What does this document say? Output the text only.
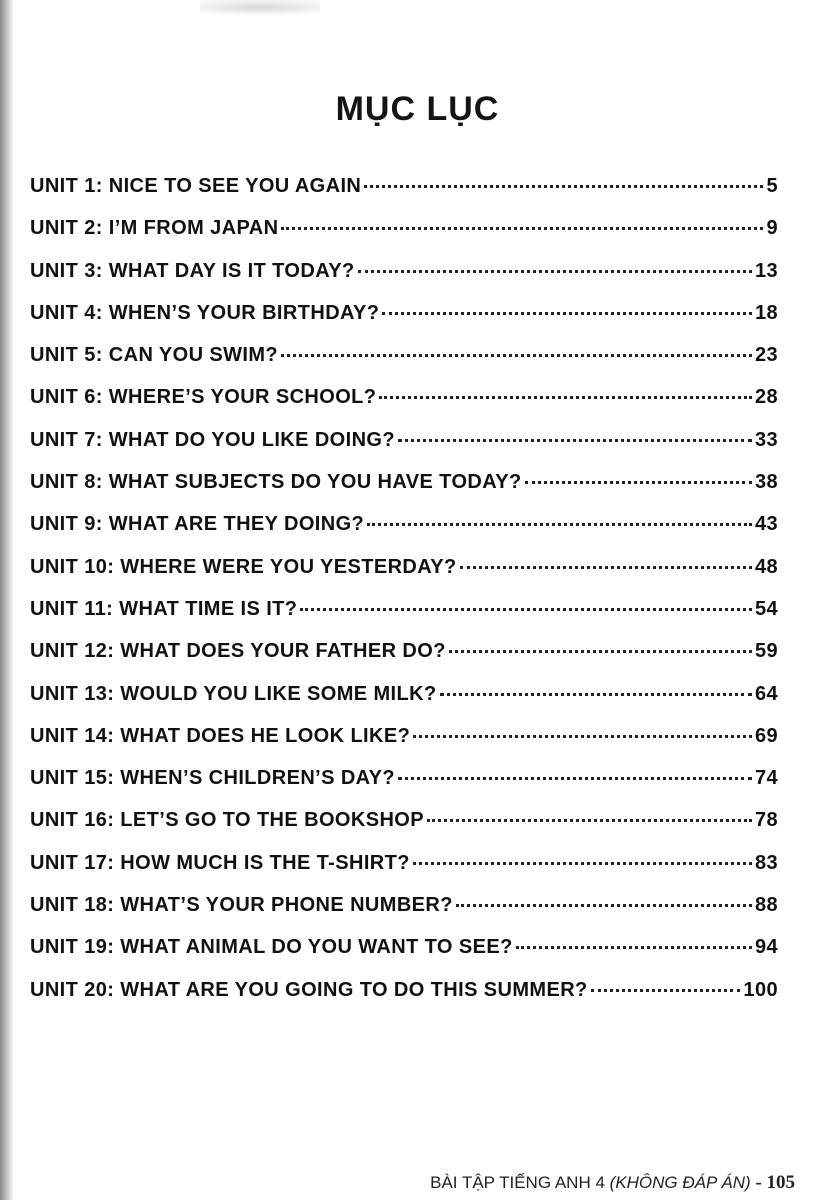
MỤC LỤC
UNIT 1: NICE TO SEE YOU AGAIN	5
UNIT 2: I’M FROM JAPAN	9
UNIT 3: WHAT DAY IS IT TODAY?	13
UNIT 4: WHEN’S YOUR BIRTHDAY?	18
UNIT 5: CAN YOU SWIM?	23
UNIT 6: WHERE’S YOUR SCHOOL?	28
UNIT 7: WHAT DO YOU LIKE DOING?	33
UNIT 8: WHAT SUBJECTS DO YOU HAVE TODAY?	38
UNIT 9: WHAT ARE THEY DOING?	43
UNIT 10: WHERE WERE YOU YESTERDAY?	48
UNIT 11: WHAT TIME IS IT?	54
UNIT 12: WHAT DOES YOUR FATHER DO?	59
UNIT 13: WOULD YOU LIKE SOME MILK?	64
UNIT 14: WHAT DOES HE LOOK LIKE?	69
UNIT 15: WHEN’S CHILDREN’S DAY?	74
UNIT 16: LET’S GO TO THE BOOKSHOP	78
UNIT 17: HOW MUCH IS THE T-SHIRT?	83
UNIT 18: WHAT’S YOUR PHONE NUMBER?	88
UNIT 19: WHAT ANIMAL DO YOU WANT TO SEE?	94
UNIT 20: WHAT ARE YOU GOING TO DO THIS SUMMER?	100
BÀI TẬP TIẾNG ANH 4 (KHÔNG ĐÁP ÁN) - 105
